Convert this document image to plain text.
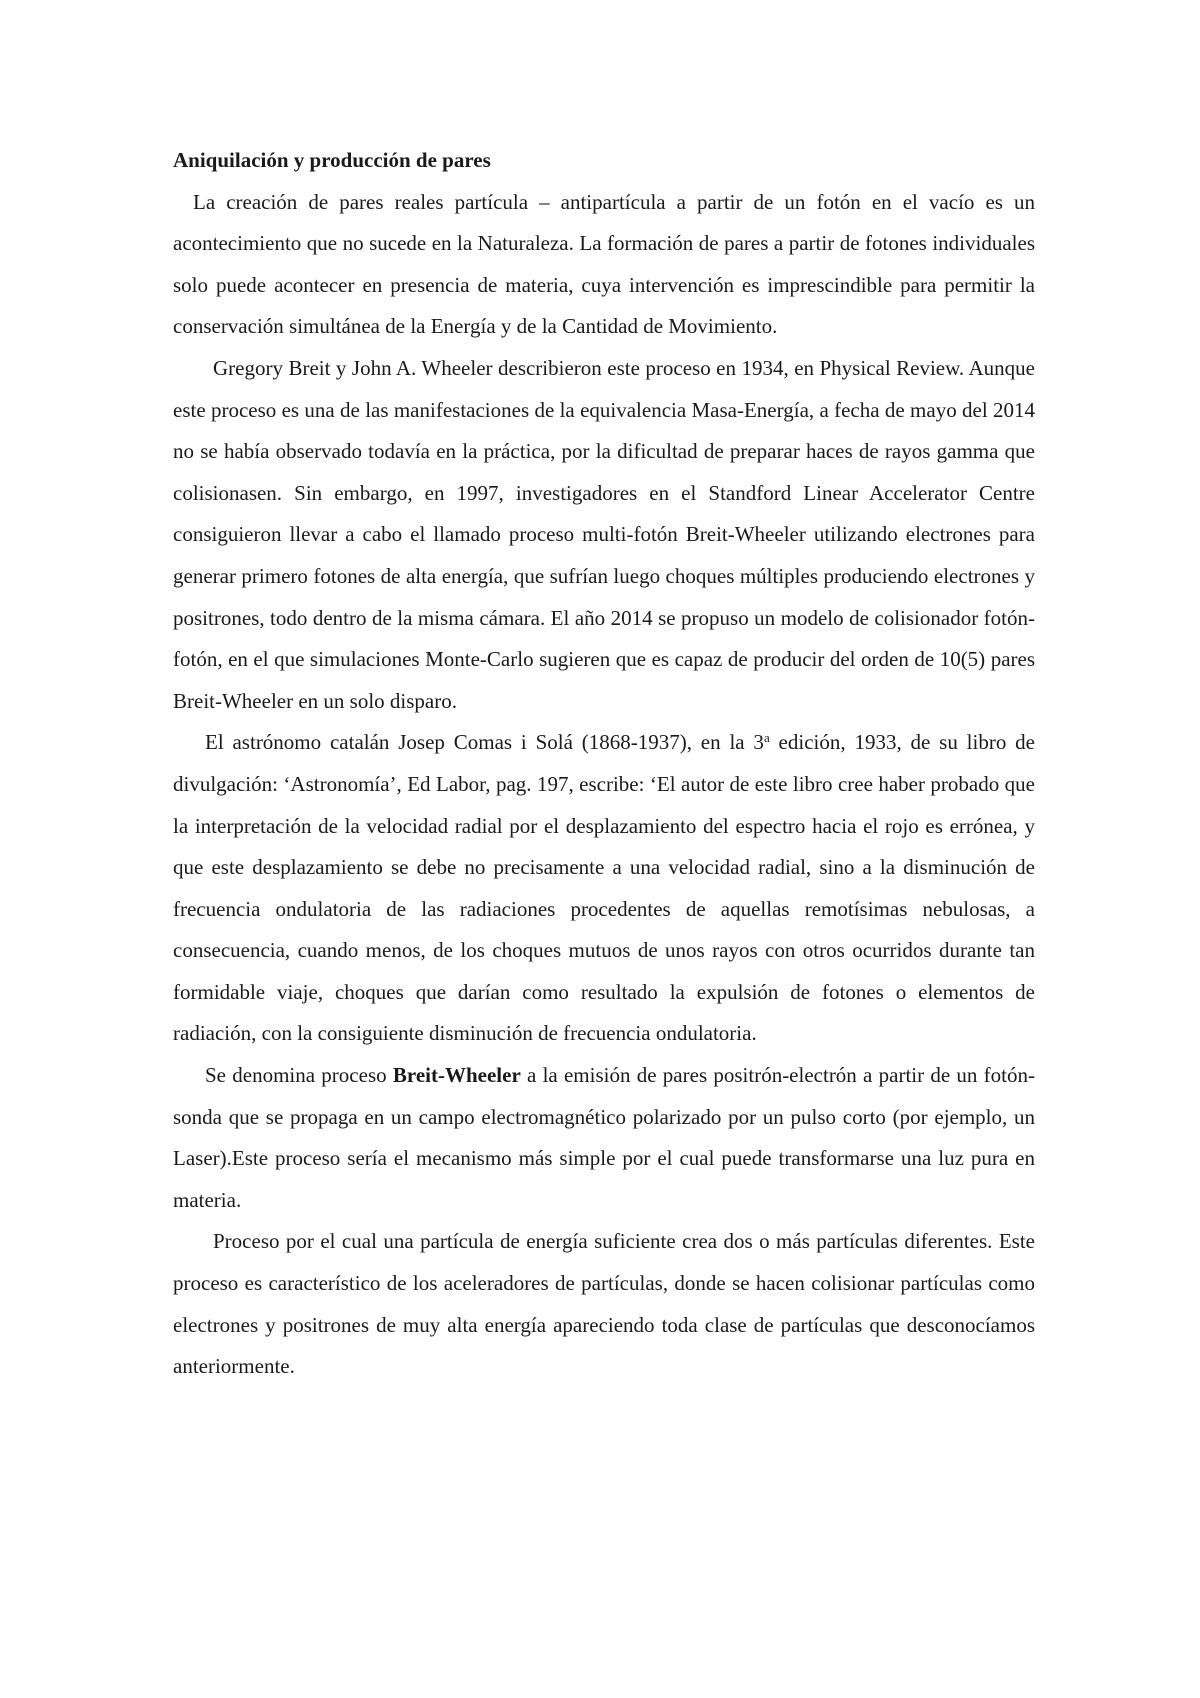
Aniquilación y producción de pares

La creación de pares reales partícula – antipartícula a partir de un fotón en el vacío es un acontecimiento que no sucede en la Naturaleza. La formación de pares a partir de fotones individuales solo puede acontecer en presencia de materia, cuya intervención es imprescindible para permitir la conservación simultánea de la Energía y de la Cantidad de Movimiento.

Gregory Breit y John A. Wheeler describieron este proceso en 1934, en Physical Review. Aunque este proceso es una de las manifestaciones de la equivalencia Masa-Energía, a fecha de mayo del 2014 no se había observado todavía en la práctica, por la dificultad de preparar haces de rayos gamma que colisionasen. Sin embargo, en 1997, investigadores en el Standford Linear Accelerator Centre consiguieron llevar a cabo el llamado proceso multi-fotón Breit-Wheeler utilizando electrones para generar primero fotones de alta energía, que sufrían luego choques múltiples produciendo electrones y positrones, todo dentro de la misma cámara. El año 2014 se propuso un modelo de colisionador fotón-fotón, en el que simulaciones Monte-Carlo sugieren que es capaz de producir del orden de 10(5) pares Breit-Wheeler en un solo disparo.

El astrónomo catalán Josep Comas i Solá (1868-1937), en la 3$^a$ edición, 1933, de su libro de divulgación: ‘Astronomía’, Ed Labor, pag. 197, escribe: ‘El autor de este libro cree haber probado que la interpretación de la velocidad radial por el desplazamiento del espectro hacia el rojo es errónea, y que este desplazamiento se debe no precisamente a una velocidad radial, sino a la disminución de frecuencia ondulatoria de las radiaciones procedentes de aquellas remotísimas nebulosas, a consecuencia, cuando menos, de los choques mutuos de unos rayos con otros ocurridos durante tan formidable viaje, choques que darían como resultado la expulsión de fotones o elementos de radiación, con la consiguiente disminución de frecuencia ondulatoria.

Se denomina proceso Breit-Wheeler a la emisión de pares positrón-electrón a partir de un fotón-sonda que se propaga en un campo electromagnético polarizado por un pulso corto (por ejemplo, un Laser).Este proceso sería el mecanismo más simple por el cual puede transformarse una luz pura en materia.

Proceso por el cual una partícula de energía suficiente crea dos o más partículas diferentes. Este proceso es característico de los aceleradores de partículas, donde se hacen colisionar partículas como electrones y positrones de muy alta energía apareciendo toda clase de partículas que desconocíamos anteriormente.
